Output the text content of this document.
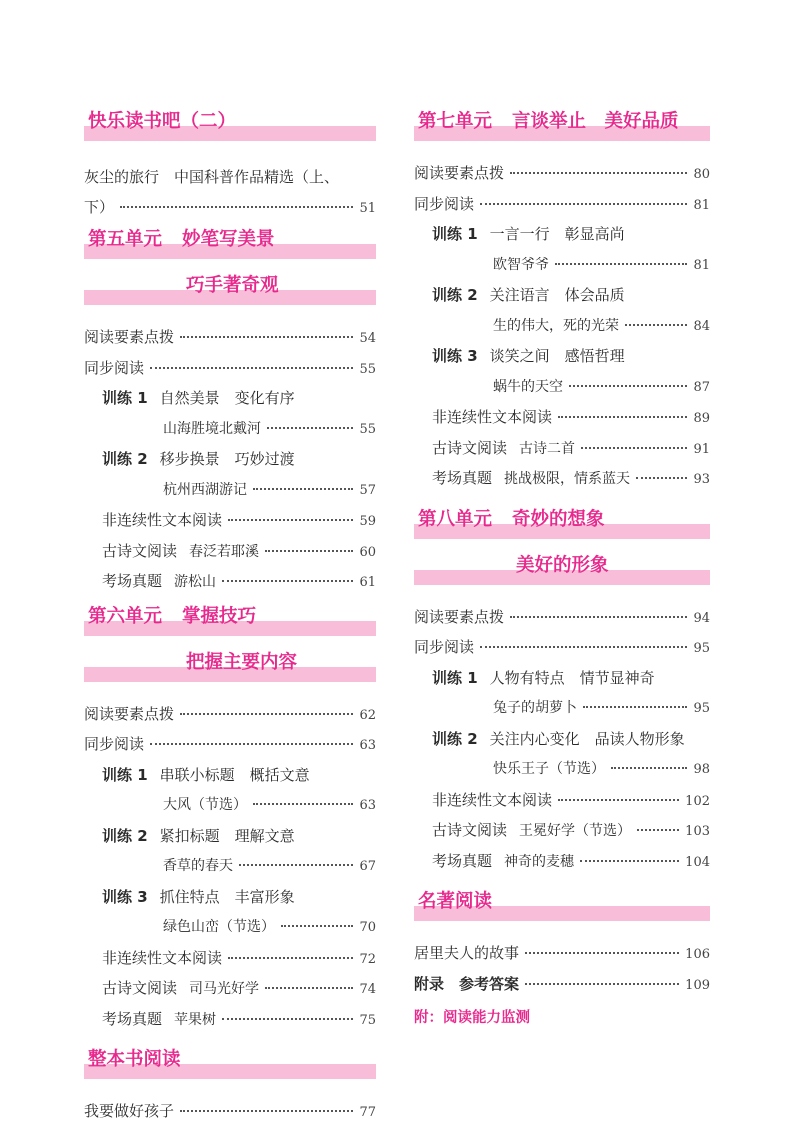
快乐读书吧（二）
灰尘的旅行　中国科普作品精选（上、
下）	51
第五单元 妙笔写美景
巧手著奇观
阅读要素点拨	54
同步阅读	55
训练 1 自然美景　变化有序
山海胜境北戴河	55
训练 2 移步换景　巧妙过渡
杭州西湖游记	57
非连续性文本阅读	59
古诗文阅读 春泛若耶溪	60
考场真题 游松山	61
第六单元 掌握技巧
把握主要内容
阅读要素点拨	62
同步阅读	63
训练 1 串联小标题　概括文意
大风（节选）	63
训练 2 紧扣标题　理解文意
香草的春天	67
训练 3 抓住特点　丰富形象
绿色山峦（节选）	70
非连续性文本阅读	72
古诗文阅读 司马光好学	74
考场真题 苹果树	75
整本书阅读
我要做好孩子	77
第七单元 言谈举止　美好品质
阅读要素点拨	80
同步阅读	81
训练 1 一言一行　彰显高尚
欧智爷爷	81
训练 2 关注语言　体会品质
生的伟大，死的光荣	84
训练 3 谈笑之间　感悟哲理
蜗牛的天空	87
非连续性文本阅读	89
古诗文阅读 古诗二首	91
考场真题 挑战极限，情系蓝天	93
第八单元 奇妙的想象
美好的形象
阅读要素点拨	94
同步阅读	95
训练 1 人物有特点　情节显神奇
兔子的胡萝卜	95
训练 2 关注内心变化　品读人物形象
快乐王子（节选）	98
非连续性文本阅读	102
古诗文阅读 王冕好学（节选）	103
考场真题 神奇的麦穗	104
名著阅读
居里夫人的故事	106
附录　参考答案	109
附：阅读能力监测
